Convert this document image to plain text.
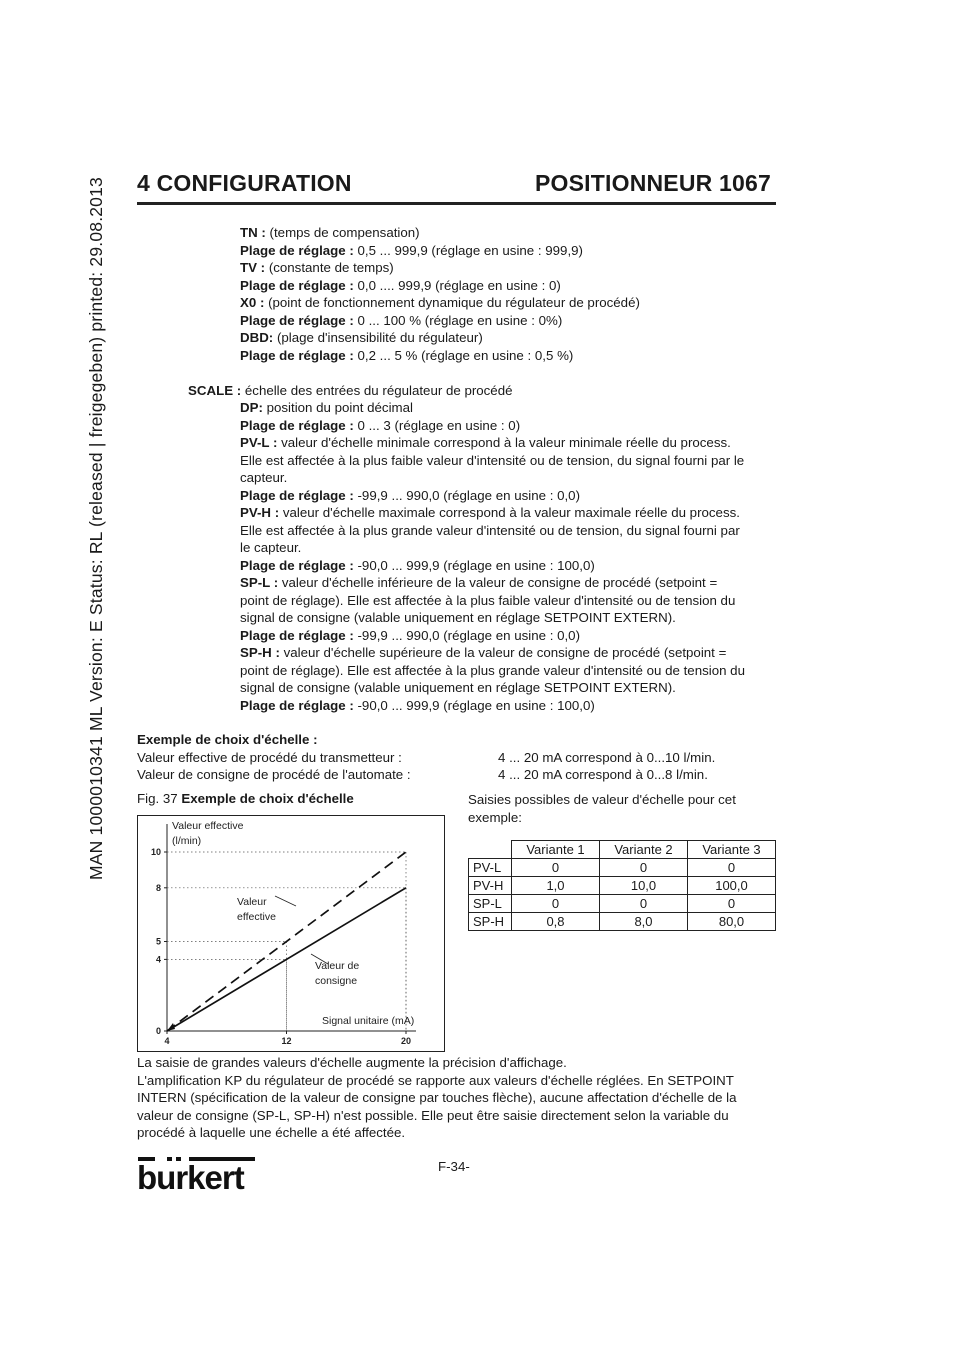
MAN 1000010341 ML Version: E Status: RL (released | freigegeben) printed: 29.08.2013 4 CONFIGURATION	POSITIONNEUR 1067
TN : (temps de compensation)
Plage de réglage : 0,5 ... 999,9 (réglage en usine : 999,9)
TV : (constante de temps)
Plage de réglage : 0,0 .... 999,9 (réglage en usine : 0)
X0 : (point de fonctionnement dynamique du régulateur de procédé)
Plage de réglage : 0 ... 100 % (réglage en usine : 0%)
DBD: (plage d'insensibilité du régulateur)
Plage de réglage : 0,2 ... 5 % (réglage en usine : 0,5 %)
SCALE : échelle des entrées du régulateur de procédé
DP: position du point décimal
Plage de réglage : 0 ... 3 (réglage en usine : 0)
PV-L : valeur d'échelle minimale correspond à la valeur minimale réelle du process.
Elle est affectée à la plus faible valeur d'intensité ou de tension, du signal fourni par le
capteur.
Plage de réglage : -99,9 ... 990,0 (réglage en usine : 0,0)
PV-H : valeur d'échelle maximale correspond à la valeur maximale réelle du process.
Elle est affectée à la plus grande valeur d'intensité ou de tension, du signal fourni par
le capteur.
Plage de réglage : -90,0 ... 999,9 (réglage en usine : 100,0)
SP-L : valeur d'échelle inférieure de la valeur de consigne de procédé (setpoint =
point de réglage). Elle est affectée à la plus faible valeur d'intensité ou de tension du
signal de consigne (valable uniquement en réglage SETPOINT EXTERN).
Plage de réglage : -99,9 ... 990,0 (réglage en usine : 0,0)
SP-H : valeur d'échelle supérieure de la valeur de consigne de procédé (setpoint =
point de réglage). Elle est affectée à la plus grande valeur d'intensité ou de tension du
signal de consigne (valable uniquement en réglage SETPOINT EXTERN).
Plage de réglage : -90,0 ... 999,9 (réglage en usine : 100,0)
Exemple de choix d'échelle :
Valeur effective de procédé du transmetteur :	4 ... 20 mA correspond à 0...10 l/min.
Valeur de consigne de procédé de l'automate :	4 ... 20 mA correspond à 0...8 l/min.
Fig. 37 Exemple de choix d'échelle
0
4
5
8
10
4	12	20
Valeur effective
(l/min)
Signal unitaire (mA)
Valeur
effective
Valeur de
consigne
Saisies possibles de valeur d'échelle pour cet exemple:
	Variante 1	Variante 2	Variante 3
PV-L	0	0	0
PV-H	1,0	10,0	100,0
SP-L	0	0	0
SP-H	0,8	8,0	80,0
La saisie de grandes valeurs d'échelle augmente la précision d'affichage.
L'amplification KP du régulateur de procédé se rapporte aux valeurs d'échelle réglées. En SETPOINT
INTERN (spécification de la valeur de consigne par touches flèche), aucune affectation d'échelle de la
valeur de consigne (SP-L, SP-H) n'est possible. Elle peut être saisie directement selon la variable du
procédé à laquelle une échelle a été affectée.
F-34-
burkert
